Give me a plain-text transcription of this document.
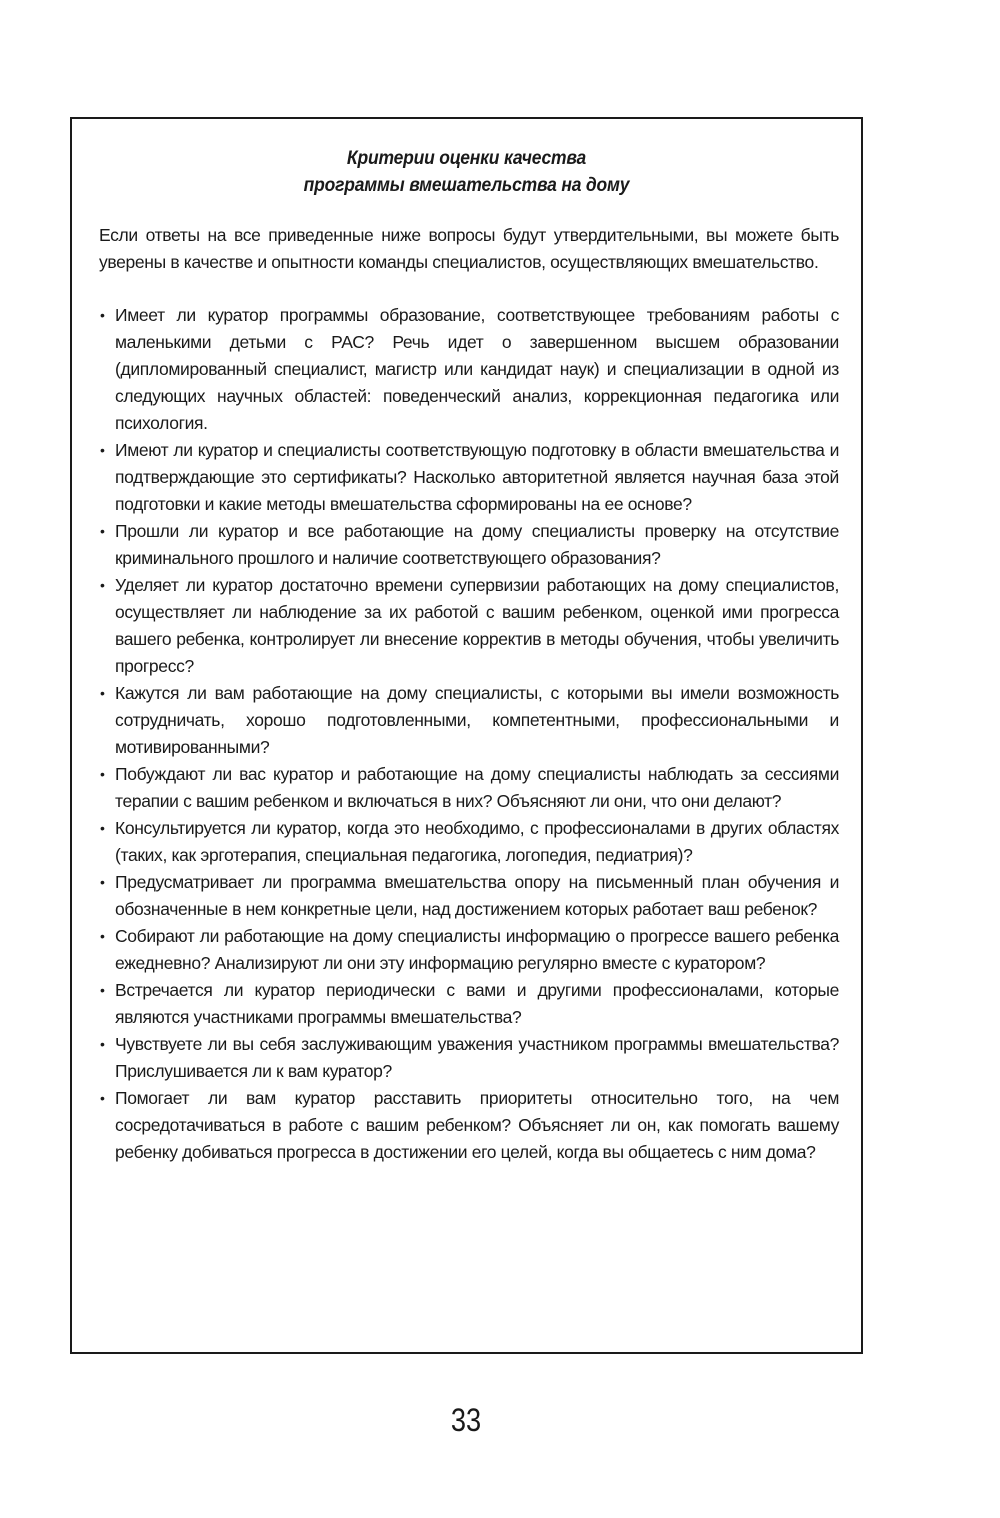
Критерии оценки качества
программы вмешательства на дому

Если ответы на все приведенные ниже вопросы будут утвердительными, вы можете быть уверены в качестве и опытности команды специалистов, осуществляющих вмешательство.

• Имеет ли куратор программы образование, соответствующее требованиям работы с маленькими детьми с РАС? Речь идет о завершенном высшем образовании (дипломированный специалист, магистр или кандидат наук) и специализации в одной из следующих научных областей: поведенческий анализ, коррекционная педагогика или психология.
• Имеют ли куратор и специалисты соответствующую подготовку в области вмешательства и подтверждающие это сертификаты? Насколько авторитетной является научная база этой подготовки и какие методы вмешательства сформированы на ее основе?
• Прошли ли куратор и все работающие на дому специалисты проверку на отсутствие криминального прошлого и наличие соответствующего образования?
• Уделяет ли куратор достаточно времени супервизии работающих на дому специалистов, осуществляет ли наблюдение за их работой с вашим ребенком, оценкой ими прогресса вашего ребенка, контролирует ли внесение корректив в методы обучения, чтобы увеличить прогресс?
• Кажутся ли вам работающие на дому специалисты, с которыми вы имели возможность сотрудничать, хорошо подготовленными, компетентными, профессиональными и мотивированными?
• Побуждают ли вас куратор и работающие на дому специалисты наблюдать за сессиями терапии с вашим ребенком и включаться в них? Объясняют ли они, что они делают?
• Консультируется ли куратор, когда это необходимо, с профессионалами в других областях (таких, как эрготерапия, специальная педагогика, логопедия, педиатрия)?
• Предусматривает ли программа вмешательства опору на письменный план обучения и обозначенные в нем конкретные цели, над достижением которых работает ваш ребенок?
• Собирают ли работающие на дому специалисты информацию о прогрессе вашего ребенка ежедневно? Анализируют ли они эту информацию регулярно вместе с куратором?
• Встречается ли куратор периодически с вами и другими профессионалами, которые являются участниками программы вмешательства?
• Чувствуете ли вы себя заслуживающим уважения участником программы вмешательства? Прислушивается ли к вам куратор?
• Помогает ли вам куратор расставить приоритеты относительно того, на чем сосредотачиваться в работе с вашим ребенком? Объясняет ли он, как помогать вашему ребенку добиваться прогресса в достижении его целей, когда вы общаетесь с ним дома?
33
